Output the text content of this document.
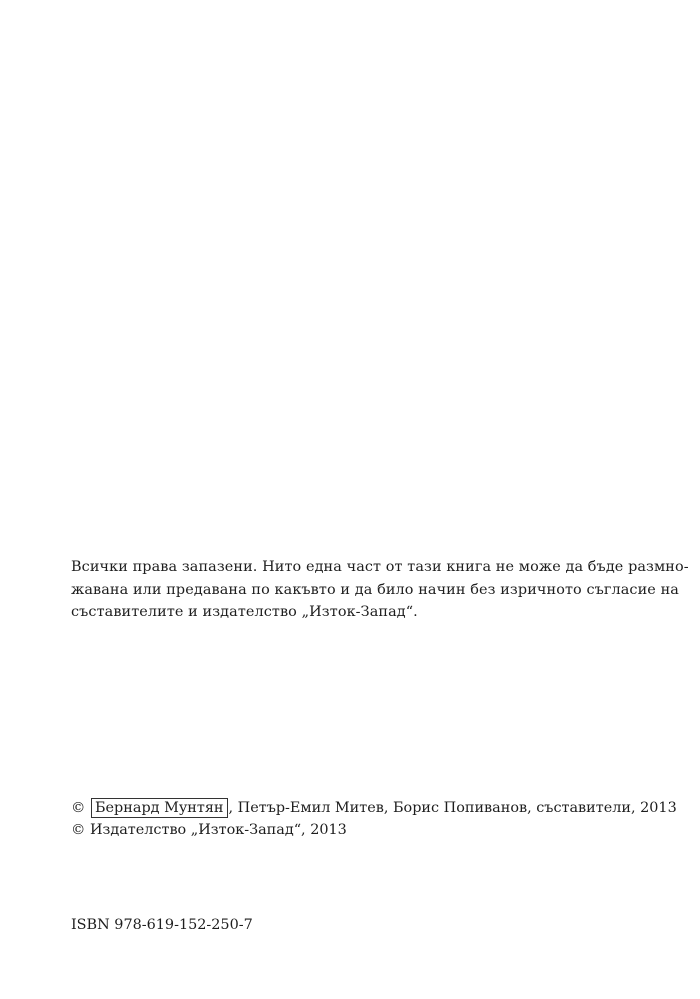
Всички права запазени. Нито една част от тази книга не може да бъде размно-
жавана или предавана по какъвто и да било начин без изричното съгласие на
съставителите и издателство „Изток-Запад“.

© Бернард Мунтян , Петър-Емил Митев, Борис Попиванов, съставители, 2013
© Издателство „Изток-Запад“, 2013

ISBN 978-619-152-250-7
